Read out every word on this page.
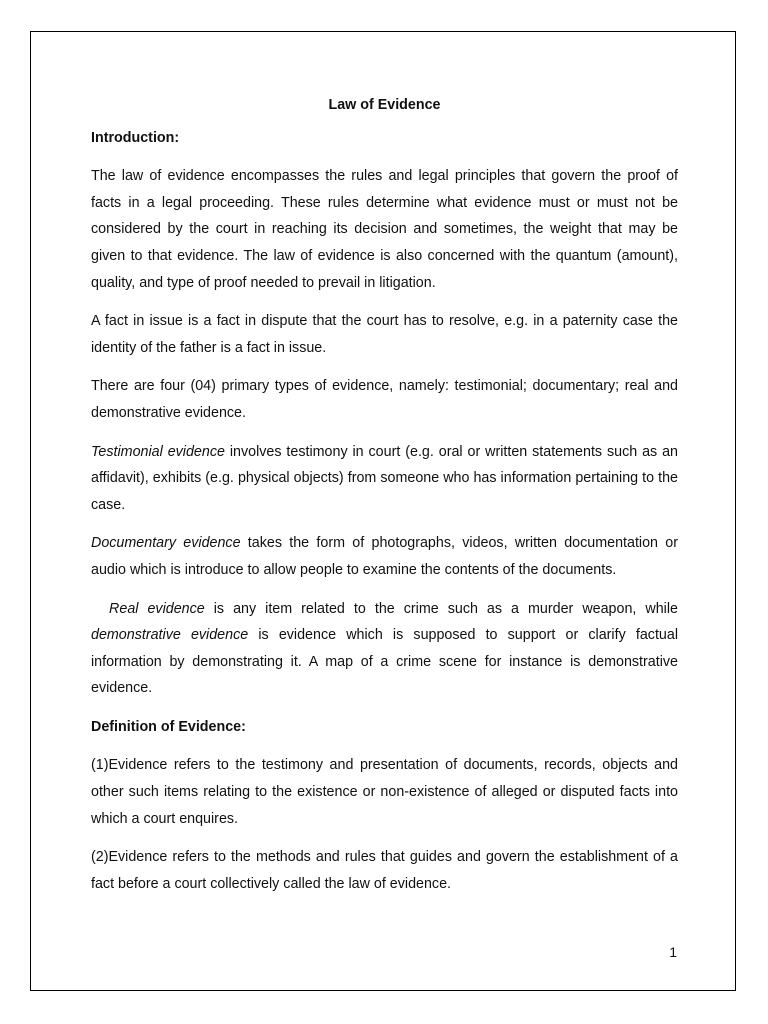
Law of Evidence
Introduction:

The law of evidence encompasses the rules and legal principles that govern the proof of facts in a legal proceeding. These rules determine what evidence must or must not be considered by the court in reaching its decision and sometimes, the weight that may be given to that evidence. The law of evidence is also concerned with the quantum (amount), quality, and type of proof needed to prevail in litigation.

A fact in issue is a fact in dispute that the court has to resolve, e.g. in a paternity case the identity of the father is a fact in issue.

There are four (04) primary types of evidence, namely: testimonial; documentary; real and demonstrative evidence.

Testimonial evidence involves testimony in court (e.g. oral or written statements such as an affidavit), exhibits (e.g. physical objects) from someone who has information pertaining to the case.

Documentary evidence takes the form of photographs, videos, written documentation or audio which is introduce to allow people to examine the contents of the documents.

Real evidence is any item related to the crime such as a murder weapon, while demonstrative evidence is evidence which is supposed to support or clarify factual information by demonstrating it. A map of a crime scene for instance is demonstrative evidence.

Definition of Evidence:

(1)Evidence refers to the testimony and presentation of documents, records, objects and other such items relating to the existence or non-existence of alleged or disputed facts into which a court enquires.

(2)Evidence refers to the methods and rules that guides and govern the establishment of a fact before a court collectively called the law of evidence.

1
